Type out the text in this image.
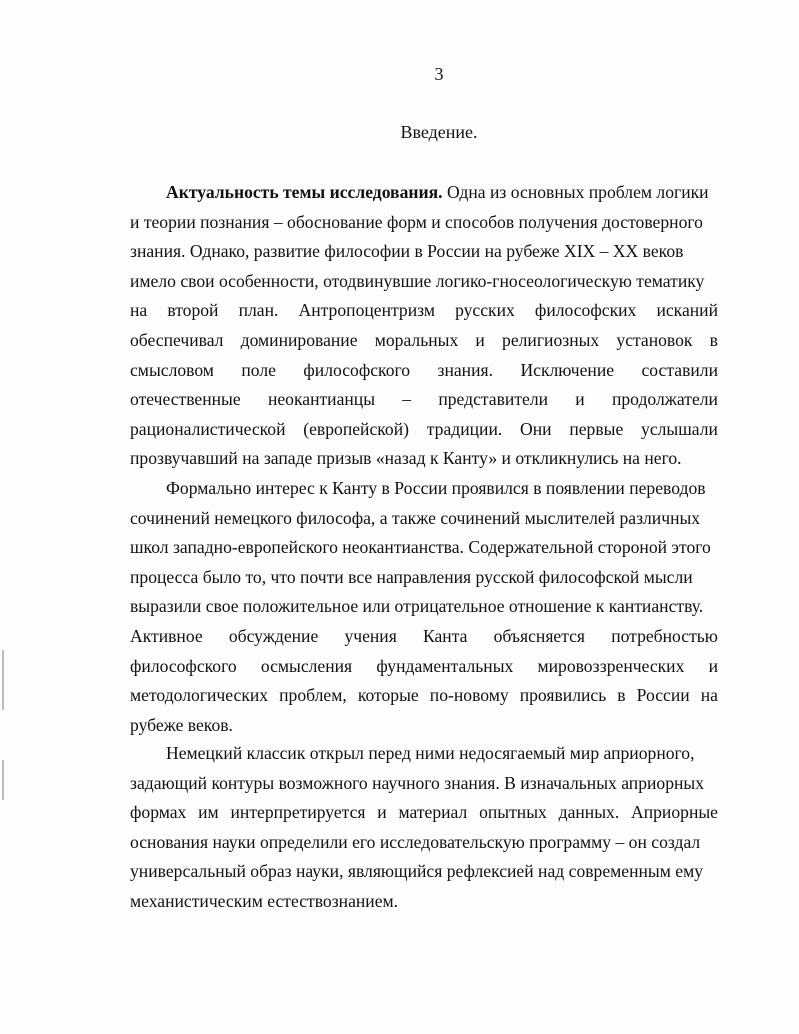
3
Введение.
Актуальность темы исследования. Одна из основных проблем логики
и теории познания – обоснование форм и способов получения достоверного
знания. Однако, развитие философии в России на рубеже XIX – XX веков
имело свои особенности, отодвинувшие логико-гносеологическую тематику
на второй план. Антропоцентризм русских философских исканий
обеспечивал доминирование моральных и религиозных установок в
смысловом поле философского знания. Исключение составили
отечественные неокантианцы – представители и продолжатели
рационалистической (европейской) традиции. Они первые услышали
прозвучавший на западе призыв «назад к Канту» и откликнулись на него.
Формально интерес к Канту в России проявился в появлении переводов
сочинений немецкого философа, а также сочинений мыслителей различных
школ западно-европейского неокантианства. Содержательной стороной этого
процесса было то, что почти все направления русской философской мысли
выразили свое положительное или отрицательное отношение к кантианству.
Активное обсуждение учения Канта объясняется потребностью
философского осмысления фундаментальных мировоззренческих и
методологических проблем, которые по-новому проявились в России на
рубеже веков.
Немецкий классик открыл перед ними недосягаемый мир априорного,
задающий контуры возможного научного знания. В изначальных априорных
формах им интерпретируется и материал опытных данных. Априорные
основания науки определили его исследовательскую программу – он создал
универсальный образ науки, являющийся рефлексией над современным ему
механистическим естествознанием.
